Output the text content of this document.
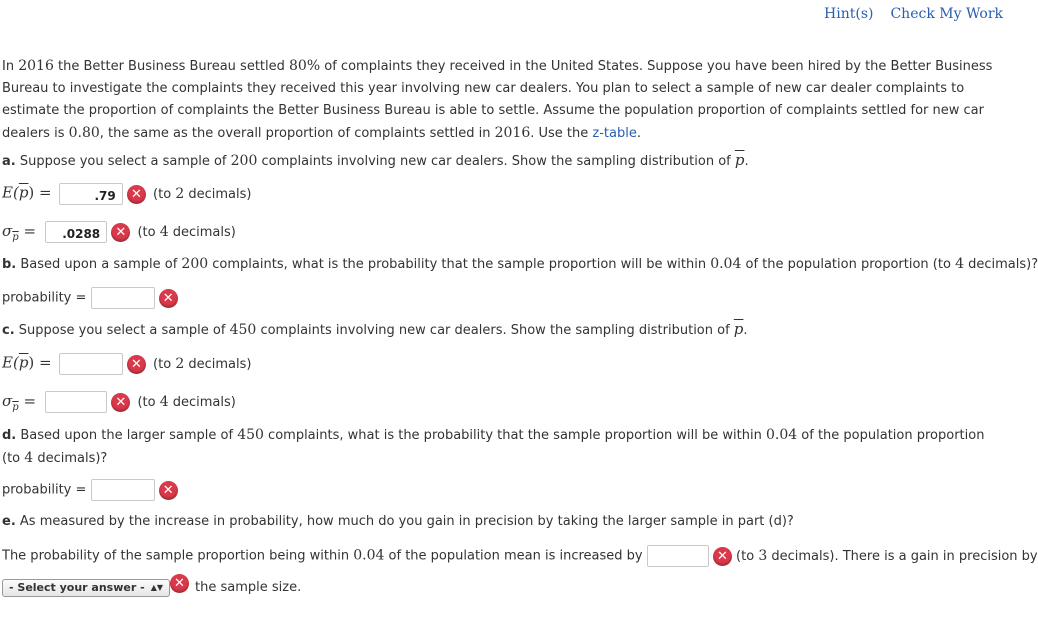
Hint(s) Check My Work
In 2016 the Better Business Bureau settled 80% of complaints they received in the United States. Suppose you have been hired by the Better Business Bureau to investigate the complaints they received this year involving new car dealers. You plan to select a sample of new car dealer complaints to estimate the proportion of complaints the Better Business Bureau is able to settle. Assume the population proportion of complaints settled for new car dealers is 0.80, the same as the overall proportion of complaints settled in 2016. Use the z-table.
a. Suppose you select a sample of 200 complaints involving new car dealers. Show the sampling distribution of $\overline{p}$.
$E(\overline{p})$ =	.79 ✕ (to 2 decimals)
$\sigma_{\overline{p}} = .0288$ ✕ (to 4 decimals)
b. Based upon a sample of 200 complaints, what is the probability that the sample proportion will be within 0.04 of the population proportion (to 4 decimals)?
probability =	✕
c. Suppose you select a sample of 450 complaints involving new car dealers. Show the sampling distribution of $\overline{p}$.
$E(\overline{p})$ =	✕ (to 2 decimals)
$\sigma_{\overline{p}}$ =	✕ (to 4 decimals)
d. Based upon the larger sample of 450 complaints, what is the probability that the sample proportion will be within 0.04 of the population proportion (to 4 decimals)?
probability =	✕
e. As measured by the increase in probability, how much do you gain in precision by taking the larger sample in part (d)?
The probability of the sample proportion being within 0.04 of the population mean is increased by	✕ (to 3 decimals). There is a gain in precision by
- Select your answer - ▲▼ ✕ the sample size.
